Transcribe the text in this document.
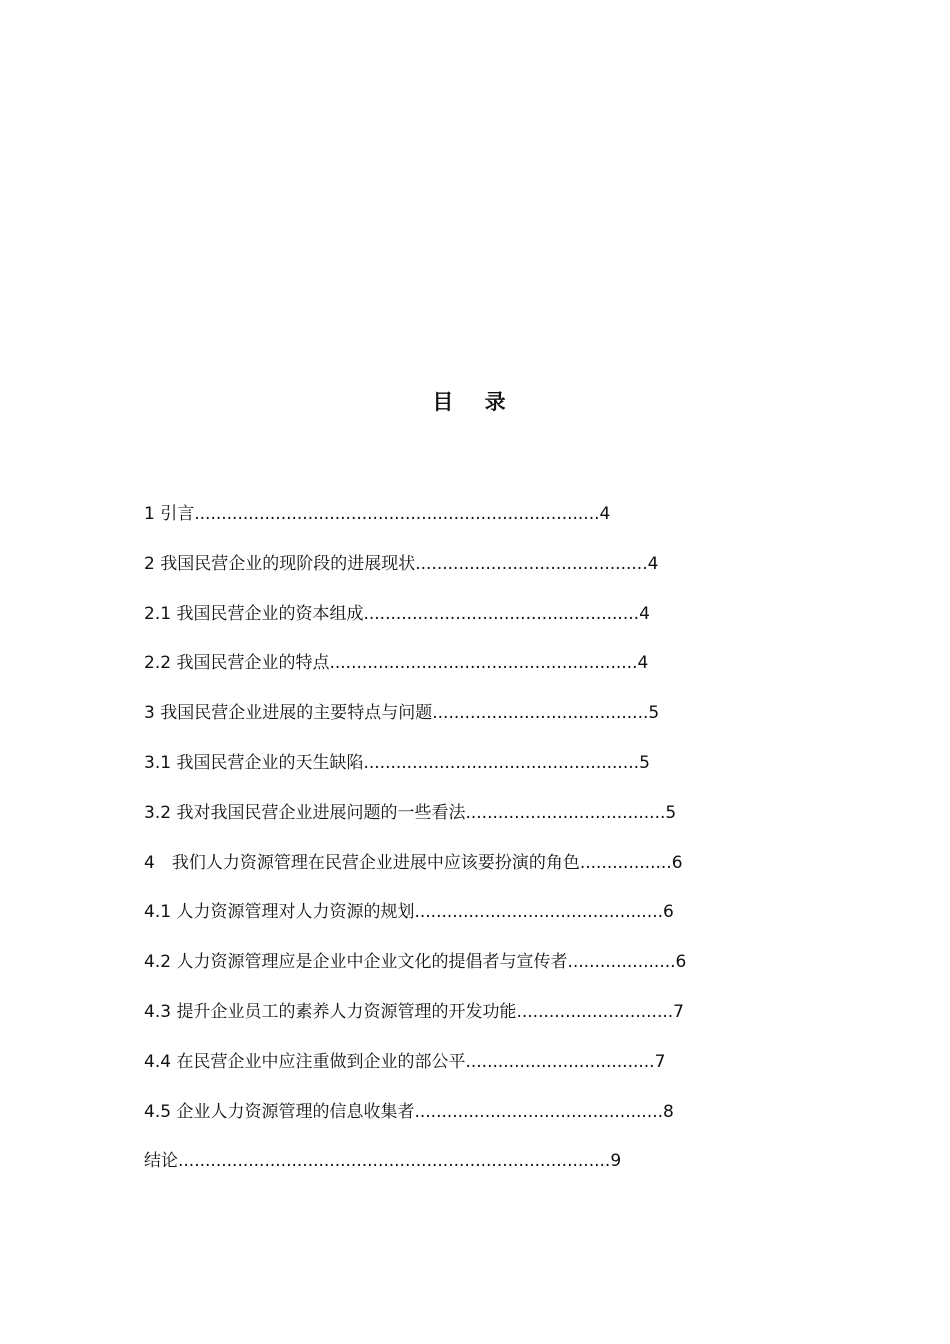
目 录
1 引言...........................................................................4
2 我国民营企业的现阶段的进展现状...........................................4
2.1 我国民营企业的资本组成...................................................4
2.2 我国民营企业的特点.........................................................4
3 我国民营企业进展的主要特点与问题........................................5
3.1 我国民营企业的天生缺陷...................................................5
3.2 我对我国民营企业进展问题的一些看法.....................................5
4　我们人力资源管理在民营企业进展中应该要扮演的角色.................6
4.1 人力资源管理对人力资源的规划..............................................6
4.2 人力资源管理应是企业中企业文化的提倡者与宣传者....................6
4.3 提升企业员工的素养人力资源管理的开发功能.............................7
4.4 在民营企业中应注重做到企业的部公平...................................7
4.5 企业人力资源管理的信息收集者..............................................8
结论................................................................................9
